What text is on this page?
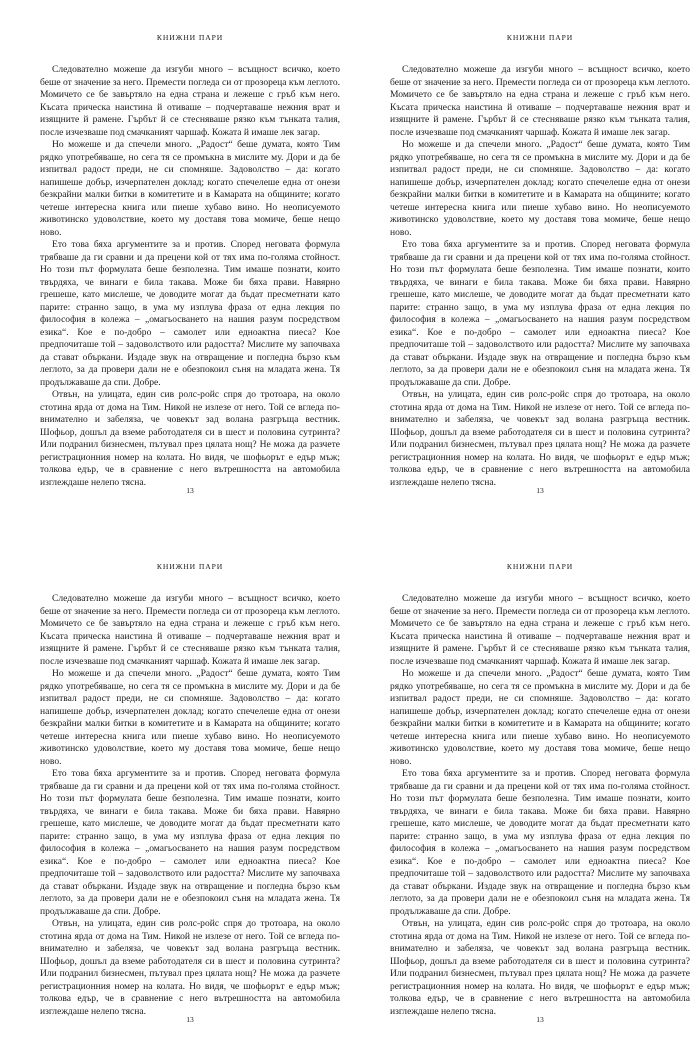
КНИЖНИ ПАРИ

Следователно можеше да изгуби много – всъщност всичко, което беше от значение за него. Премести погледа си от прозореца към леглото. Момичето се бе завъртяло на една страна и лежеше с гръб към него. Късата прическа наистина й отиваше – подчертаваше нежния врат и изящните й рамене. Гърбът й се стесняваше рязко към тънката талия, после изчезваше под смачканият чаршаф. Кожата й имаше лек загар.

Но можеше и да спечели много. „Радост“ беше думата, която Тим рядко употребяваше, но сега тя се промъкна в мислите му. Дори и да бе изпитвал радост преди, не си спомняше. Задоволство – да: когато напишеше добър, изчерпателен доклад; когато спечелеше една от онези безкрайни малки битки в комитетите и в Камарата на общините; когато четеше интересна книга или пиеше хубаво вино. Но неописуемото животинско удоволствие, което му доставя това момиче, беше нещо ново.

Ето това бяха аргументите за и против. Според неговата формула трябваше да ги сравни и да прецени кой от тях има по-голяма стойност. Но този път формулата беше безполезна. Тим имаше познати, които твърдяха, че винаги е била такава. Може би бяха прави. Навярно грешеше, като мислеше, че доводите могат да бъдат пресметнати като парите: странно защо, в ума му изплува фраза от една лекция по философия в колежа – „омагьосването на нашия разум посредством езика“. Кое е по-добро – самолет или едноактна пиеса? Кое предпочиташе той – задоволството или радостта? Мислите му започваха да стават объркани. Издаде звук на отвращение и погледна бързо към леглото, за да провери дали не е обезпокоил съня на младата жена. Тя продължаваше да спи. Добре.

Отвън, на улицата, един сив ролс-ройс спря до тротоара, на около стотина ярда от дома на Тим. Никой не излезе от него. Той се вгледа по-внимателно и забеляза, че човекът зад волана разгръща вестник. Шофьор, дошъл да вземе работодателя си в шест и половина сутринта? Или подранил бизнесмен, пътувал през цялата нощ? Не можа да разчете регистрационния номер на колата. Но видя, че шофьорът е едър мъж; толкова едър, че в сравнение с него вътрешността на автомобила изглеждаше нелепо тясна.

13
КНИЖНИ ПАРИ

Следователно можеше да изгуби много – всъщност всичко, което беше от значение за него. Премести погледа си от прозореца към леглото. Момичето се бе завъртяло на една страна и лежеше с гръб към него. Късата прическа наистина й отиваше – подчертаваше нежния врат и изящните й рамене. Гърбът й се стесняваше рязко към тънката талия, после изчезваше под смачканият чаршаф. Кожата й имаше лек загар.

Но можеше и да спечели много. „Радост“ беше думата, която Тим рядко употребяваше, но сега тя се промъкна в мислите му. Дори и да бе изпитвал радост преди, не си спомняше. Задоволство – да: когато напишеше добър, изчерпателен доклад; когато спечелеше една от онези безкрайни малки битки в комитетите и в Камарата на общините; когато четеше интересна книга или пиеше хубаво вино. Но неописуемото животинско удоволствие, което му доставя това момиче, беше нещо ново.

Ето това бяха аргументите за и против. Според неговата формула трябваше да ги сравни и да прецени кой от тях има по-голяма стойност. Но този път формулата беше безполезна. Тим имаше познати, които твърдяха, че винаги е била такава. Може би бяха прави. Навярно грешеше, като мислеше, че доводите могат да бъдат пресметнати като парите: странно защо, в ума му изплува фраза от една лекция по философия в колежа – „омагьосването на нашия разум посредством езика“. Кое е по-добро – самолет или едноактна пиеса? Кое предпочиташе той – задоволството или радостта? Мислите му започваха да стават объркани. Издаде звук на отвращение и погледна бързо към леглото, за да провери дали не е обезпокоил съня на младата жена. Тя продължаваше да спи. Добре.

Отвън, на улицата, един сив ролс-ройс спря до тротоара, на около стотина ярда от дома на Тим. Никой не излезе от него. Той се вгледа по-внимателно и забеляза, че човекът зад волана разгръща вестник. Шофьор, дошъл да вземе работодателя си в шест и половина сутринта? Или подранил бизнесмен, пътувал през цялата нощ? Не можа да разчете регистрационния номер на колата. Но видя, че шофьорът е едър мъж; толкова едър, че в сравнение с него вътрешността на автомобила изглеждаше нелепо тясна.

13
КНИЖНИ ПАРИ

Следователно можеше да изгуби много – всъщност всичко, което беше от значение за него. Премести погледа си от прозореца към леглото. Момичето се бе завъртяло на една страна и лежеше с гръб към него. Късата прическа наистина й отиваше – подчертаваше нежния врат и изящните й рамене. Гърбът й се стесняваше рязко към тънката талия, после изчезваше под смачканият чаршаф. Кожата й имаше лек загар.

Но можеше и да спечели много. „Радост“ беше думата, която Тим рядко употребяваше, но сега тя се промъкна в мислите му. Дори и да бе изпитвал радост преди, не си спомняше. Задоволство – да: когато напишеше добър, изчерпателен доклад; когато спечелеше една от онези безкрайни малки битки в комитетите и в Камарата на общините; когато четеше интересна книга или пиеше хубаво вино. Но неописуемото животинско удоволствие, което му доставя това момиче, беше нещо ново.

Ето това бяха аргументите за и против. Според неговата формула трябваше да ги сравни и да прецени кой от тях има по-голяма стойност. Но този път формулата беше безполезна. Тим имаше познати, които твърдяха, че винаги е била такава. Може би бяха прави. Навярно грешеше, като мислеше, че доводите могат да бъдат пресметнати като парите: странно защо, в ума му изплува фраза от една лекция по философия в колежа – „омагьосването на нашия разум посредством езика“. Кое е по-добро – самолет или едноактна пиеса? Кое предпочиташе той – задоволството или радостта? Мислите му започваха да стават объркани. Издаде звук на отвращение и погледна бързо към леглото, за да провери дали не е обезпокоил съня на младата жена. Тя продължаваше да спи. Добре.

Отвън, на улицата, един сив ролс-ройс спря до тротоара, на около стотина ярда от дома на Тим. Никой не излезе от него. Той се вгледа по-внимателно и забеляза, че човекът зад волана разгръща вестник. Шофьор, дошъл да вземе работодателя си в шест и половина сутринта? Или подранил бизнесмен, пътувал през цялата нощ? Не можа да разчете регистрационния номер на колата. Но видя, че шофьорът е едър мъж; толкова едър, че в сравнение с него вътрешността на автомобила изглеждаше нелепо тясна.

13
КНИЖНИ ПАРИ

Следователно можеше да изгуби много – всъщност всичко, което беше от значение за него. Премести погледа си от прозореца към леглото. Момичето се бе завъртяло на една страна и лежеше с гръб към него. Късата прическа наистина й отиваше – подчертаваше нежния врат и изящните й рамене. Гърбът й се стесняваше рязко към тънката талия, после изчезваше под смачканият чаршаф. Кожата й имаше лек загар.

Но можеше и да спечели много. „Радост“ беше думата, която Тим рядко употребяваше, но сега тя се промъкна в мислите му. Дори и да бе изпитвал радост преди, не си спомняше. Задоволство – да: когато напишеше добър, изчерпателен доклад; когато спечелеше една от онези безкрайни малки битки в комитетите и в Камарата на общините; когато четеше интересна книга или пиеше хубаво вино. Но неописуемото животинско удоволствие, което му доставя това момиче, беше нещо ново.

Ето това бяха аргументите за и против. Според неговата формула трябваше да ги сравни и да прецени кой от тях има по-голяма стойност. Но този път формулата беше безполезна. Тим имаше познати, които твърдяха, че винаги е била такава. Може би бяха прави. Навярно грешеше, като мислеше, че доводите могат да бъдат пресметнати като парите: странно защо, в ума му изплува фраза от една лекция по философия в колежа – „омагьосването на нашия разум посредством езика“. Кое е по-добро – самолет или едноактна пиеса? Кое предпочиташе той – задоволството или радостта? Мислите му започваха да стават объркани. Издаде звук на отвращение и погледна бързо към леглото, за да провери дали не е обезпокоил съня на младата жена. Тя продължаваше да спи. Добре.

Отвън, на улицата, един сив ролс-ройс спря до тротоара, на около стотина ярда от дома на Тим. Никой не излезе от него. Той се вгледа по-внимателно и забеляза, че човекът зад волана разгръща вестник. Шофьор, дошъл да вземе работодателя си в шест и половина сутринта? Или подранил бизнесмен, пътувал през цялата нощ? Не можа да разчете регистрационния номер на колата. Но видя, че шофьорът е едър мъж; толкова едър, че в сравнение с него вътрешността на автомобила изглеждаше нелепо тясна.

13
